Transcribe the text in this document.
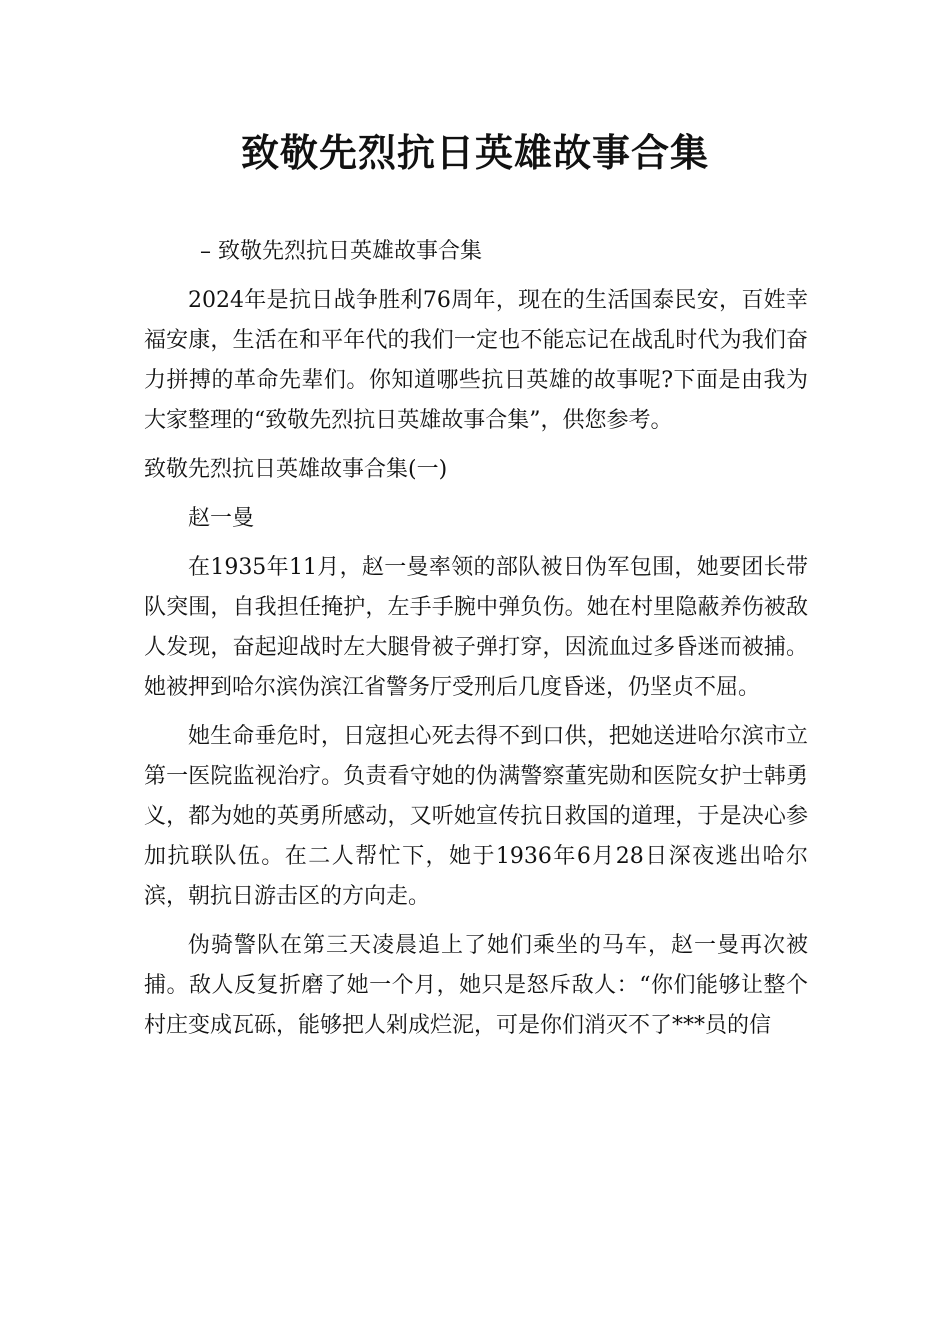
致敬先烈抗日英雄故事合集

– 致敬先烈抗日英雄故事合集

2024年是抗日战争胜利76周年，现在的生活国泰民安，百姓幸福安康，生活在和平年代的我们一定也不能忘记在战乱时代为我们奋力拼搏的革命先辈们。你知道哪些抗日英雄的故事呢?下面是由我为大家整理的“致敬先烈抗日英雄故事合集”，供您参考。

致敬先烈抗日英雄故事合集(一)

赵一曼

在1935年11月，赵一曼率领的部队被日伪军包围，她要团长带队突围，自我担任掩护，左手手腕中弹负伤。她在村里隐蔽养伤被敌人发现，奋起迎战时左大腿骨被子弹打穿，因流血过多昏迷而被捕。她被押到哈尔滨伪滨江省警务厅受刑后几度昏迷，仍坚贞不屈。

她生命垂危时，日寇担心死去得不到口供，把她送进哈尔滨市立第一医院监视治疗。负责看守她的伪满警察董宪勋和医院女护士韩勇义，都为她的英勇所感动，又听她宣传抗日救国的道理，于是决心参加抗联队伍。在二人帮忙下，她于1936年6月28日深夜逃出哈尔滨，朝抗日游击区的方向走。

伪骑警队在第三天凌晨追上了她们乘坐的马车，赵一曼再次被捕。敌人反复折磨了她一个月，她只是怒斥敌人：“你们能够让整个村庄变成瓦砾，能够把人剁成烂泥，可是你们消灭不了***员的信
